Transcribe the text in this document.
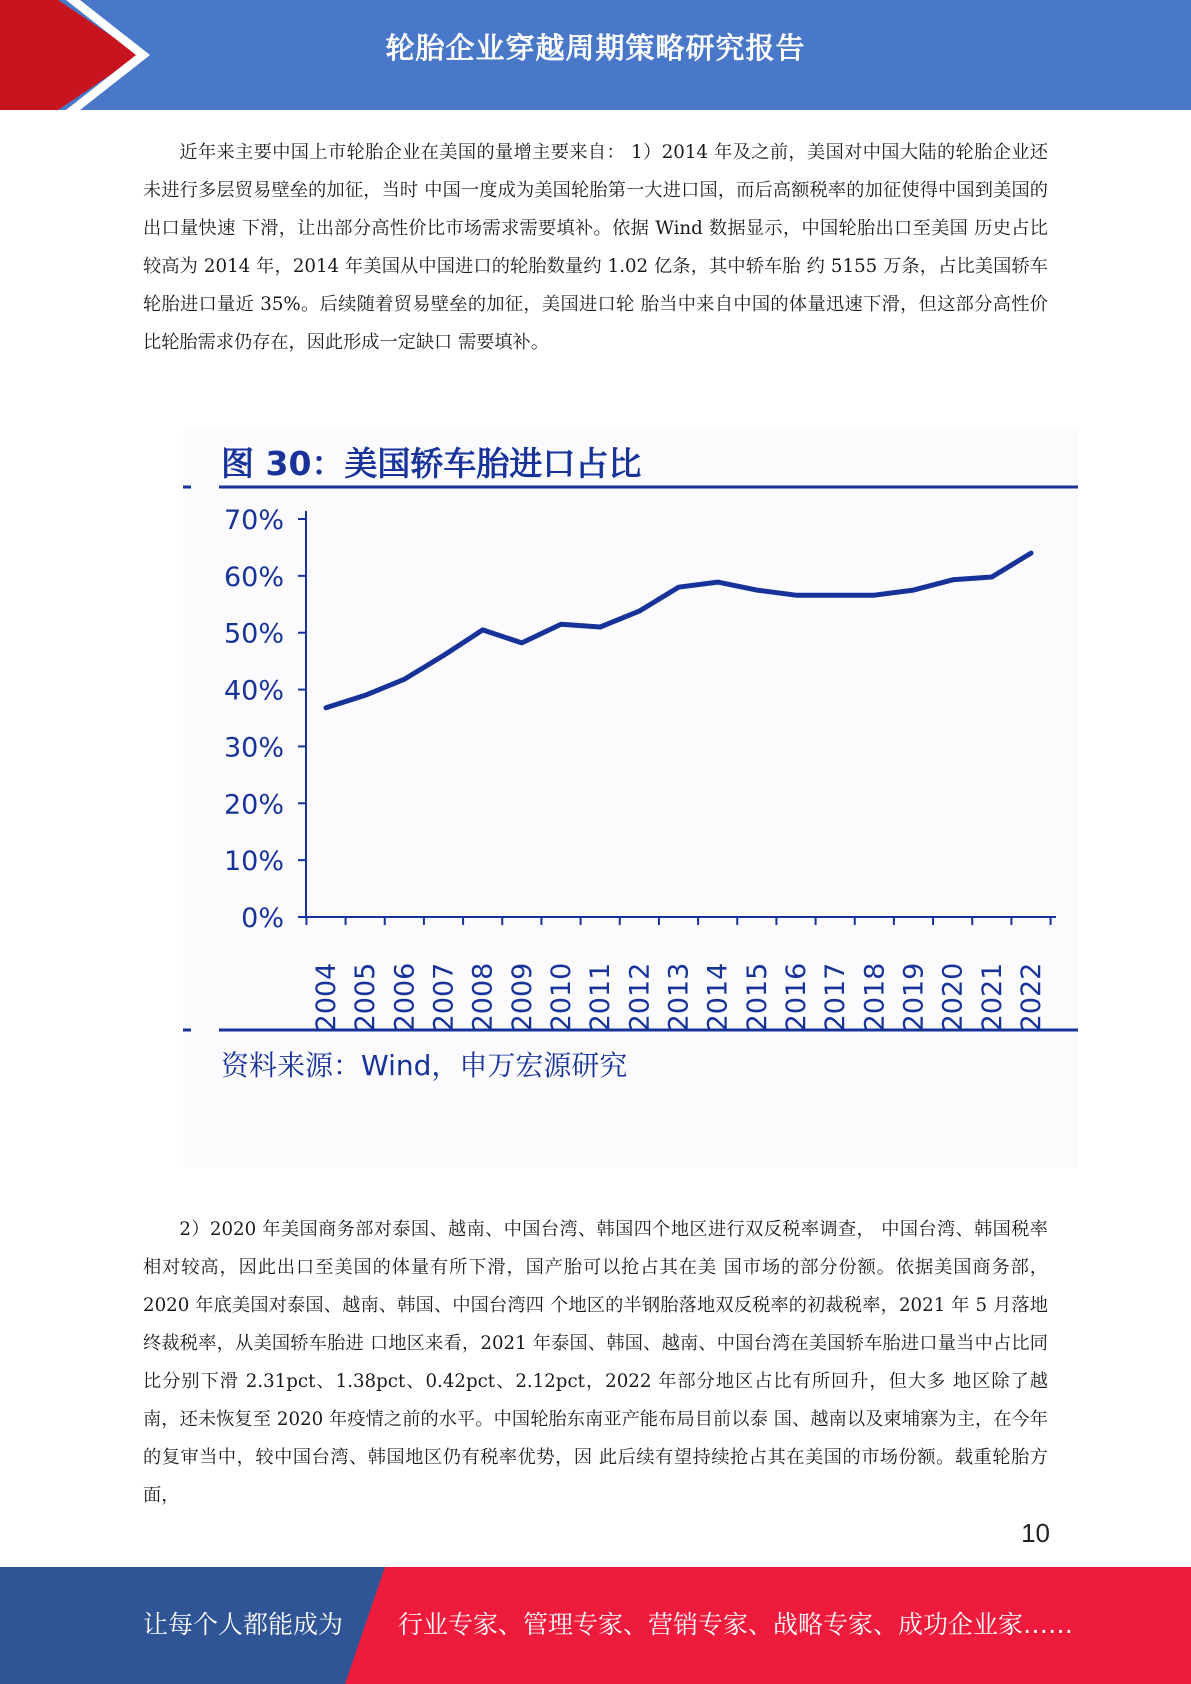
轮胎企业穿越周期策略研究报告

近年来主要中国上市轮胎企业在美国的量增主要来自： 1）2014 年及之前，美国对中国大陆的轮胎企业还未进行多层贸易壁垒的加征，当时 中国一度成为美国轮胎第一大进口国，而后高额税率的加征使得中国到美国的出口量快速 下滑，让出部分高性价比市场需求需要填补。依据 Wind 数据显示，中国轮胎出口至美国 历史占比较高为 2014 年，2014 年美国从中国进口的轮胎数量约 1.02 亿条，其中轿车胎 约 5155 万条，占比美国轿车轮胎进口量近 35%。后续随着贸易壁垒的加征，美国进口轮 胎当中来自中国的体量迅速下滑，但这部分高性价比轮胎需求仍存在，因此形成一定缺口 需要填补。

图 30：美国轿车胎进口占比
0%
10%
20%
30%
40%
50%
60%
70%
2004 2005 2006 2007 2008 2009 2010 2011 2012 2013 2014 2015 2016 2017 2018 2019 2020 2021 2022
资料来源：Wind，申万宏源研究

2）2020 年美国商务部对泰国、越南、中国台湾、韩国四个地区进行双反税率调查， 中国台湾、韩国税率相对较高，因此出口至美国的体量有所下滑，国产胎可以抢占其在美 国市场的部分份额。依据美国商务部，2020 年底美国对泰国、越南、韩国、中国台湾四 个地区的半钢胎落地双反税率的初裁税率，2021 年 5 月落地终裁税率，从美国轿车胎进 口地区来看，2021 年泰国、韩国、越南、中国台湾在美国轿车胎进口量当中占比同比分别下滑 2.31pct、1.38pct、0.42pct、2.12pct，2022 年部分地区占比有所回升，但大多 地区除了越南，还未恢复至 2020 年疫情之前的水平。中国轮胎东南亚产能布局目前以泰 国、越南以及柬埔寨为主，在今年的复审当中，较中国台湾、韩国地区仍有税率优势，因 此后续有望持续抢占其在美国的市场份额。载重轮胎方面，

10
让每个人都能成为 行业专家、管理专家、营销专家、战略专家、成功企业家……
